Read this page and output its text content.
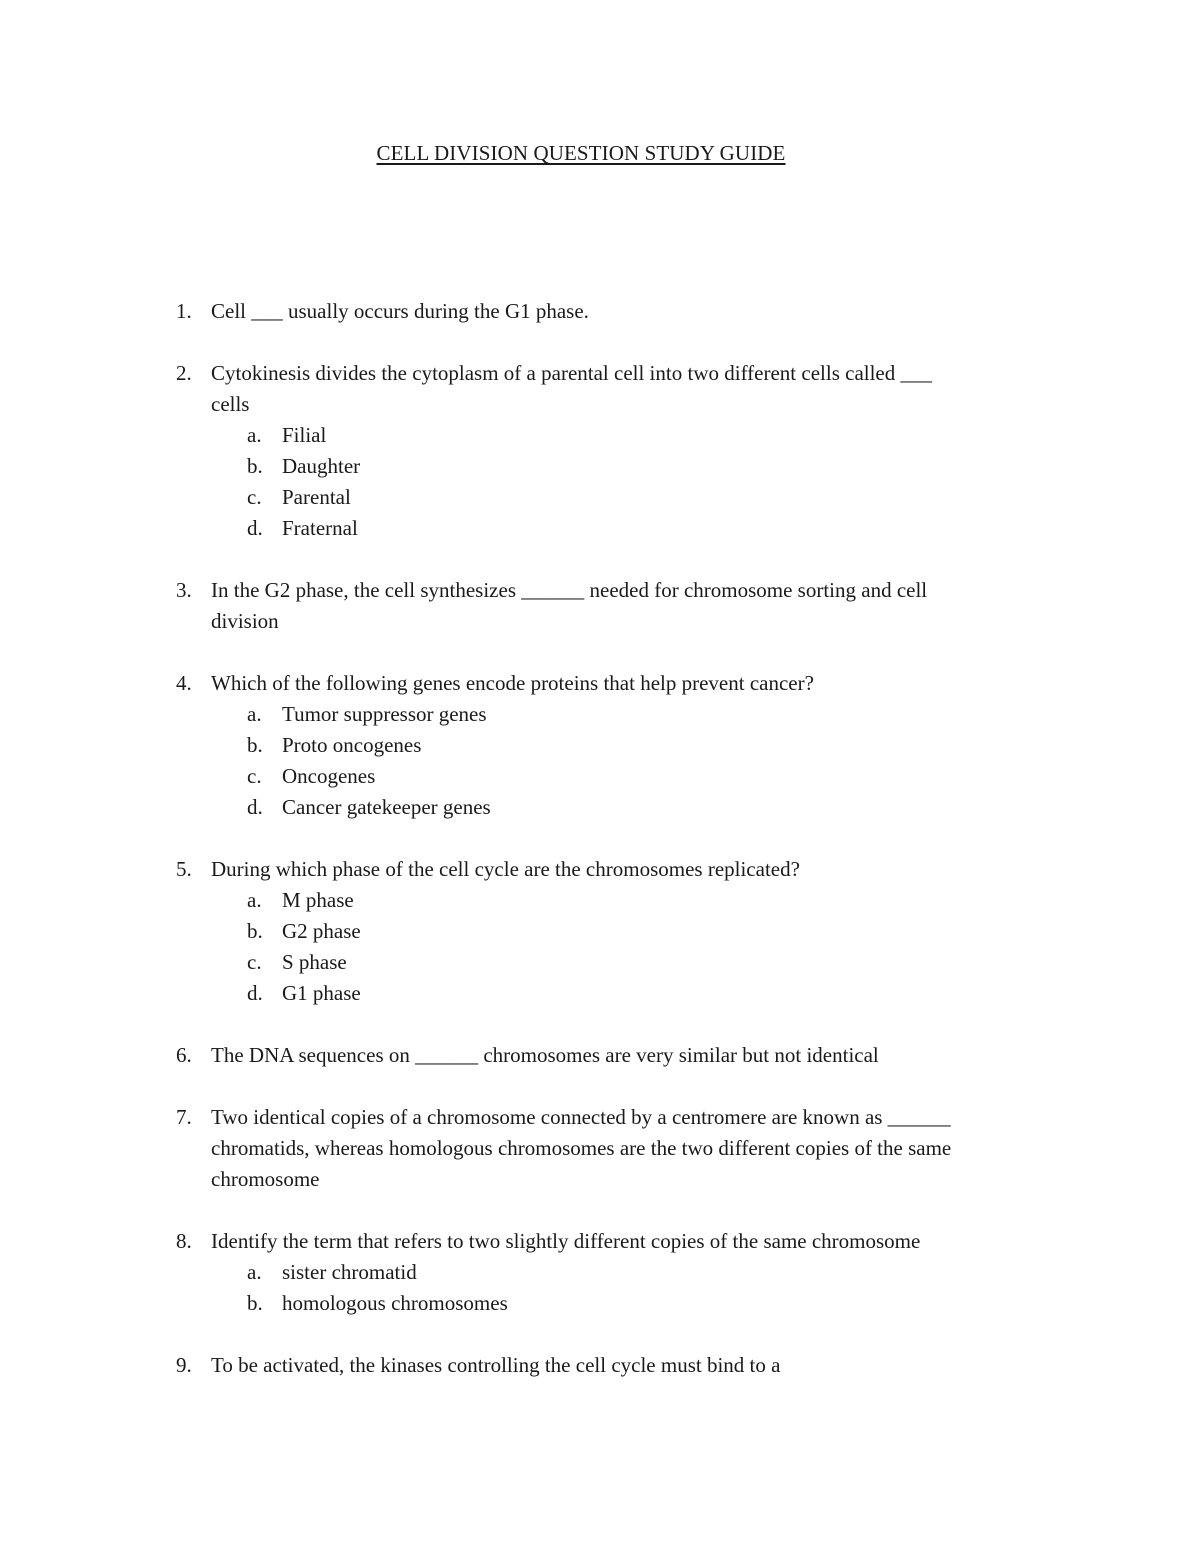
CELL DIVISION QUESTION STUDY GUIDE
1. Cell ___ usually occurs during the G1 phase.
2. Cytokinesis divides the cytoplasm of a parental cell into two different cells called ___
cells
a. Filial
b. Daughter
c. Parental
d. Fraternal
3. In the G2 phase, the cell synthesizes ______ needed for chromosome sorting and cell
division
4. Which of the following genes encode proteins that help prevent cancer?
a. Tumor suppressor genes
b. Proto oncogenes
c. Oncogenes
d. Cancer gatekeeper genes
5. During which phase of the cell cycle are the chromosomes replicated?
a. M phase
b. G2 phase
c. S phase
d. G1 phase
6. The DNA sequences on ______ chromosomes are very similar but not identical
7. Two identical copies of a chromosome connected by a centromere are known as ______
chromatids, whereas homologous chromosomes are the two different copies of the same
chromosome
8. Identify the term that refers to two slightly different copies of the same chromosome
a. sister chromatid
b. homologous chromosomes
9. To be activated, the kinases controlling the cell cycle must bind to a
